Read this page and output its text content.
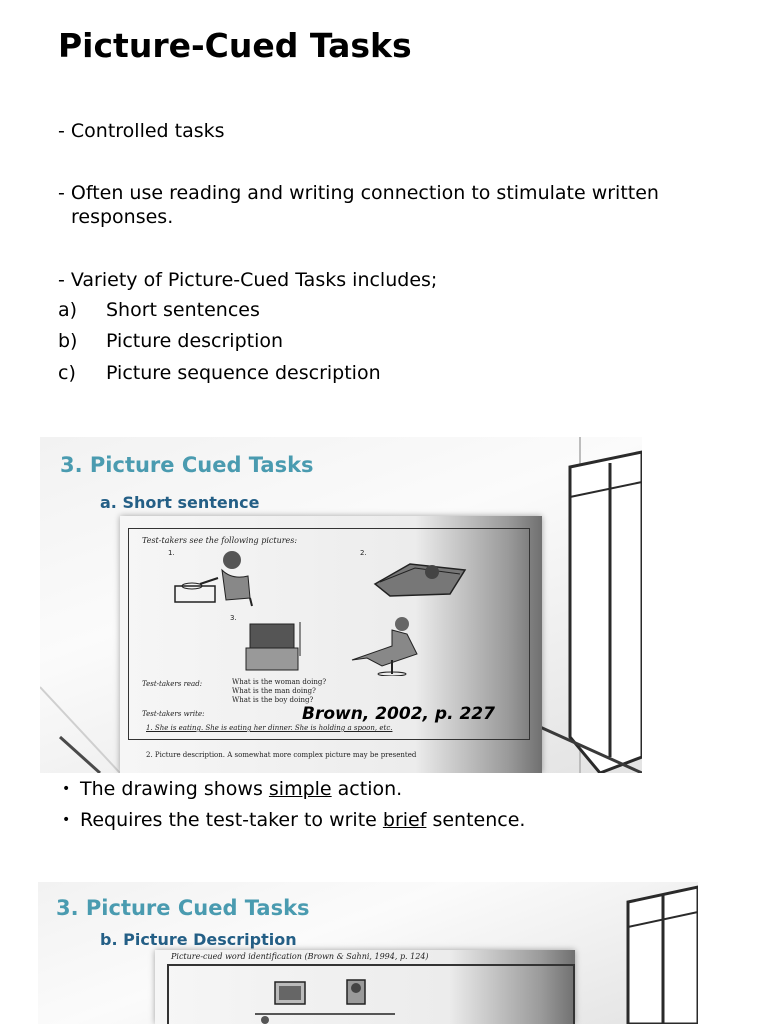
Picture-Cued Tasks
- Controlled tasks
- Often use reading and writing connection to stimulate written
responses.
- Variety of Picture-Cued Tasks includes;
a) Short sentences
b) Picture description
c) Picture sequence description
3. Picture Cued Tasks
a. Short sentence
Test-takers see the following pictures:
1.	2.
3.
Test-takers read:	What is the woman doing?
What is the man doing?
What is the boy doing?
Test-takers write:
1. She is eating. She is eating her dinner. She is holding a spoon, etc.
2. Picture description. A somewhat more complex picture may be presented
Brown, 2002, p. 227
• The drawing shows simple action.
• Requires the test-taker to write brief sentence.
3. Picture Cued Tasks
b. Picture Description
Picture-cued word identification (Brown & Sahni, 1994, p. 124)
